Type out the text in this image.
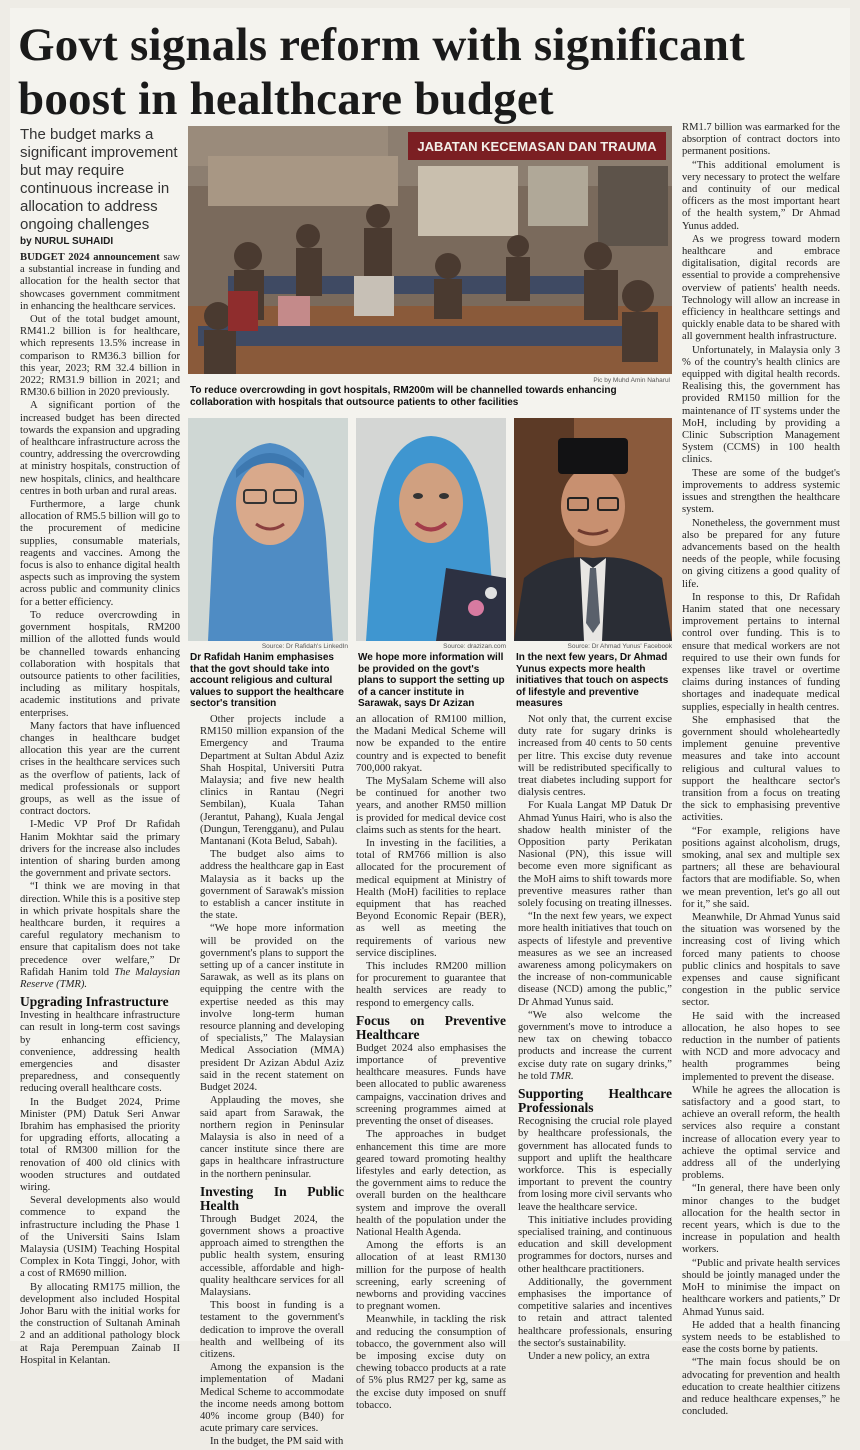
Govt signals reform with significant
boost in healthcare budget
The budget marks a significant improvement but may require continuous increase in allocation to address ongoing challenges
by NURUL SUHAIDI
JABATAN KECEMASAN DAN TRAUMA
Pic by Muhd Amin Naharul
To reduce overcrowding in govt hospitals, RM200m will be channelled towards enhancing collaboration with hospitals that outsource patients to other facilities
Source: Dr Rafidah's LinkedIn
Dr Rafidah Hanim emphasises that the govt should take into account religious and cultural values to support the healthcare sector's transition
Source: drazizan.com
We hope more information will be provided on the govt's plans to support the setting up of a cancer institute in Sarawak, says Dr Azizan
Source: Dr Ahmad Yunus' Facebook
In the next few years, Dr Ahmad Yunus expects more health initiatives that touch on aspects of lifestyle and preventive measures

BUDGET 2024 announcement saw a substantial increase in funding and allocation for the health sector that showcases government commitment in enhancing the healthcare services.

Out of the total budget amount, RM41.2 billion is for healthcare, which represents 13.5% increase in comparison to RM36.3 billion for this year, 2023; RM 32.4 billion in 2022; RM31.9 billion in 2021; and RM30.6 billion in 2020 previously.

A significant portion of the increased budget has been directed towards the expansion and upgrading of healthcare infrastructure across the country, addressing the overcrowding at ministry hospitals, construction of new hospitals, clinics, and healthcare centres in both urban and rural areas.

Furthermore, a large chunk allocation of RM5.5 billion will go to the procurement of medicine supplies, consumable materials, reagents and vaccines. Among the focus is also to enhance digital health aspects such as improving the system across public and community clinics for a better efficiency.

To reduce overcrowding in government hospitals, RM200 million of the allotted funds would be channelled towards enhancing collaboration with hospitals that outsource patients to other facilities, including as military hospitals, academic institutions and private enterprises.

Many factors that have influenced changes in healthcare budget allocation this year are the current crises in the healthcare services such as the overflow of patients, lack of medical professionals or support groups, as well as the issue of contract doctors.

I-Medic VP Prof Dr Rafidah Hanim Mokhtar said the primary drivers for the increase also includes intention of sharing burden among the government and private sectors.

“I think we are moving in that direction. While this is a positive step in which private hospitals share the healthcare burden, it requires a careful regulatory mechanism to ensure that capitalism does not take precedence over welfare,” Dr Rafidah Hanim told The Malaysian Reserve (TMR).

Upgrading Infrastructure

Investing in healthcare infrastructure can result in long-term cost savings by enhancing efficiency, convenience, addressing health emergencies and disaster preparedness, and consequently reducing overall healthcare costs.

In the Budget 2024, Prime Minister (PM) Datuk Seri Anwar Ibrahim has emphasised the priority for upgrading efforts, allocating a total of RM300 million for the renovation of 400 old clinics with wooden structures and outdated wiring.

Several developments also would commence to expand the infrastructure including the Phase 1 of the Universiti Sains Islam Malaysia (USIM) Teaching Hospital Complex in Kota Tinggi, Johor, with a cost of RM690 million.

By allocating RM175 million, the development also included Hospital Johor Baru with the initial works for the construction of Sultanah Aminah 2 and an additional pathology block at Raja Perempuan Zainab II Hospital in Kelantan.

Other projects include a RM150 million expansion of the Emergency and Trauma Department at Sultan Abdul Aziz Shah Hospital, Universiti Putra Malaysia; and five new health clinics in Rantau (Negri Sembilan), Kuala Tahan (Jerantut, Pahang), Kuala Jengal (Dungun, Terengganu), and Pulau Mantanani (Kota Belud, Sabah).

The budget also aims to address the healthcare gap in East Malaysia as it backs up the government of Sarawak's mission to establish a cancer institute in the state.

“We hope more information will be provided on the government's plans to support the setting up of a cancer institute in Sarawak, as well as its plans on equipping the centre with the expertise needed as this may involve long-term human resource planning and developing of specialists,” The Malaysian Medical Association (MMA) president Dr Azizan Abdul Aziz said in the recent statement on Budget 2024.

Applauding the moves, she said apart from Sarawak, the northern region in Peninsular Malaysia is also in need of a cancer institute since there are gaps in healthcare infrastructure in the northern peninsular.

Investing In Public Health

Through Budget 2024, the government shows a proactive approach aimed to strengthen the public health system, ensuring accessible, affordable and high-quality healthcare services for all Malaysians.

This boost in funding is a testament to the government's dedication to improve the overall health and wellbeing of its citizens.

Among the expansion is the implementation of Madani Medical Scheme to accommodate the income needs among bottom 40% income group (B40) for acute primary care services.

In the budget, the PM said with

an allocation of RM100 million, the Madani Medical Scheme will now be expanded to the entire country and is expected to benefit 700,000 rakyat.

The MySalam Scheme will also be continued for another two years, and another RM50 million is provided for medical device cost claims such as stents for the heart.

In investing in the facilities, a total of RM766 million is also allocated for the procurement of medical equipment at Ministry of Health (MoH) facilities to replace equipment that has reached Beyond Economic Repair (BER), as well as meeting the requirements of various new service disciplines.

This includes RM200 million for procurement to guarantee that health services are ready to respond to emergency calls.

Focus on Preventive Healthcare

Budget 2024 also emphasises the importance of preventive healthcare measures. Funds have been allocated to public awareness campaigns, vaccination drives and screening programmes aimed at preventing the onset of diseases.

The approaches in budget enhancement this time are more geared toward promoting healthy lifestyles and early detection, as the government aims to reduce the overall burden on the healthcare system and improve the overall health of the population under the National Health Agenda.

Among the efforts is an allocation of at least RM130 million for the purpose of health screening, early screening of newborns and providing vaccines to pregnant women.

Meanwhile, in tackling the risk and reducing the consumption of tobacco, the government also will be imposing excise duty on chewing tobacco products at a rate of 5% plus RM27 per kg, same as the excise duty imposed on snuff tobacco.

Not only that, the current excise duty rate for sugary drinks is increased from 40 cents to 50 cents per litre. This excise duty revenue will be redistributed specifically to treat diabetes including support for dialysis centres.

For Kuala Langat MP Datuk Dr Ahmad Yunus Hairi, who is also the shadow health minister of the Opposition party Perikatan Nasional (PN), this issue will become even more significant as the MoH aims to shift towards more preventive measures rather than solely focusing on treating illnesses.

“In the next few years, we expect more health initiatives that touch on aspects of lifestyle and preventive measures as we see an increased awareness among policymakers on the increase of non-communicable disease (NCD) among the public,” Dr Ahmad Yunus said.

“We also welcome the government's move to introduce a new tax on chewing tobacco products and increase the current excise duty rate on sugary drinks,” he told TMR.

Supporting Healthcare Professionals

Recognising the crucial role played by healthcare professionals, the government has allocated funds to support and uplift the healthcare workforce. This is especially important to prevent the country from losing more civil servants who leave the healthcare service.

This initiative includes providing specialised training, and continuous education and skill development programmes for doctors, nurses and other healthcare practitioners.

Additionally, the government emphasises the importance of competitive salaries and incentives to retain and attract talented healthcare professionals, ensuring the sector's sustainability.

Under a new policy, an extra

RM1.7 billion was earmarked for the absorption of contract doctors into permanent positions.

“This additional emolument is very necessary to protect the welfare and continuity of our medical officers as the most important heart of the health system,” Dr Ahmad Yunus added.

As we progress toward modern healthcare and embrace digitalisation, digital records are essential to provide a comprehensive overview of patients' health needs. Technology will allow an increase in efficiency in healthcare settings and quickly enable data to be shared with all government health infrastructure.

Unfortunately, in Malaysia only 3 % of the country's health clinics are equipped with digital health records. Realising this, the government has provided RM150 million for the maintenance of IT systems under the MoH, including by providing a Clinic Subscription Management System (CCMS) in 100 health clinics.

These are some of the budget's improvements to address systemic issues and strengthen the healthcare system.

Nonetheless, the government must also be prepared for any future advancements based on the health needs of the people, while focusing on giving citizens a good quality of life.

In response to this, Dr Rafidah Hanim stated that one necessary improvement pertains to internal control over funding. This is to ensure that medical workers are not required to use their own funds for expenses like travel or overtime claims during instances of funding shortages and inadequate medical supplies, especially in health centres.

She emphasised that the government should wholeheartedly implement genuine preventive measures and take into account religious and cultural values to support the healthcare sector's transition from a focus on treating the sick to emphasising preventive activities.

“For example, religions have positions against alcoholism, drugs, smoking, anal sex and multiple sex partners; all these are behavioural factors that are modifiable. So, when we mean prevention, let's go all out for it,” she said.

Meanwhile, Dr Ahmad Yunus said the situation was worsened by the increasing cost of living which forced many patients to choose public clinics and hospitals to save expenses and cause significant congestion in the public service sector.

He said with the increased allocation, he also hopes to see reduction in the number of patients with NCD and more advocacy and health programmes being implemented to prevent the disease.

While he agrees the allocation is satisfactory and a good start, to achieve an overall reform, the health services also require a constant increase of allocation every year to achieve the optimal service and address all of the underlying problems.

“In general, there have been only minor changes to the budget allocation for the health sector in recent years, which is due to the increase in population and health workers.

“Public and private health services should be jointly managed under the MoH to minimise the impact on healthcare workers and patients,” Dr Ahmad Yunus said.

He added that a health financing system needs to be established to ease the costs borne by patients.

“The main focus should be on advocating for prevention and health education to create healthier citizens and reduce healthcare expenses,” he concluded.
